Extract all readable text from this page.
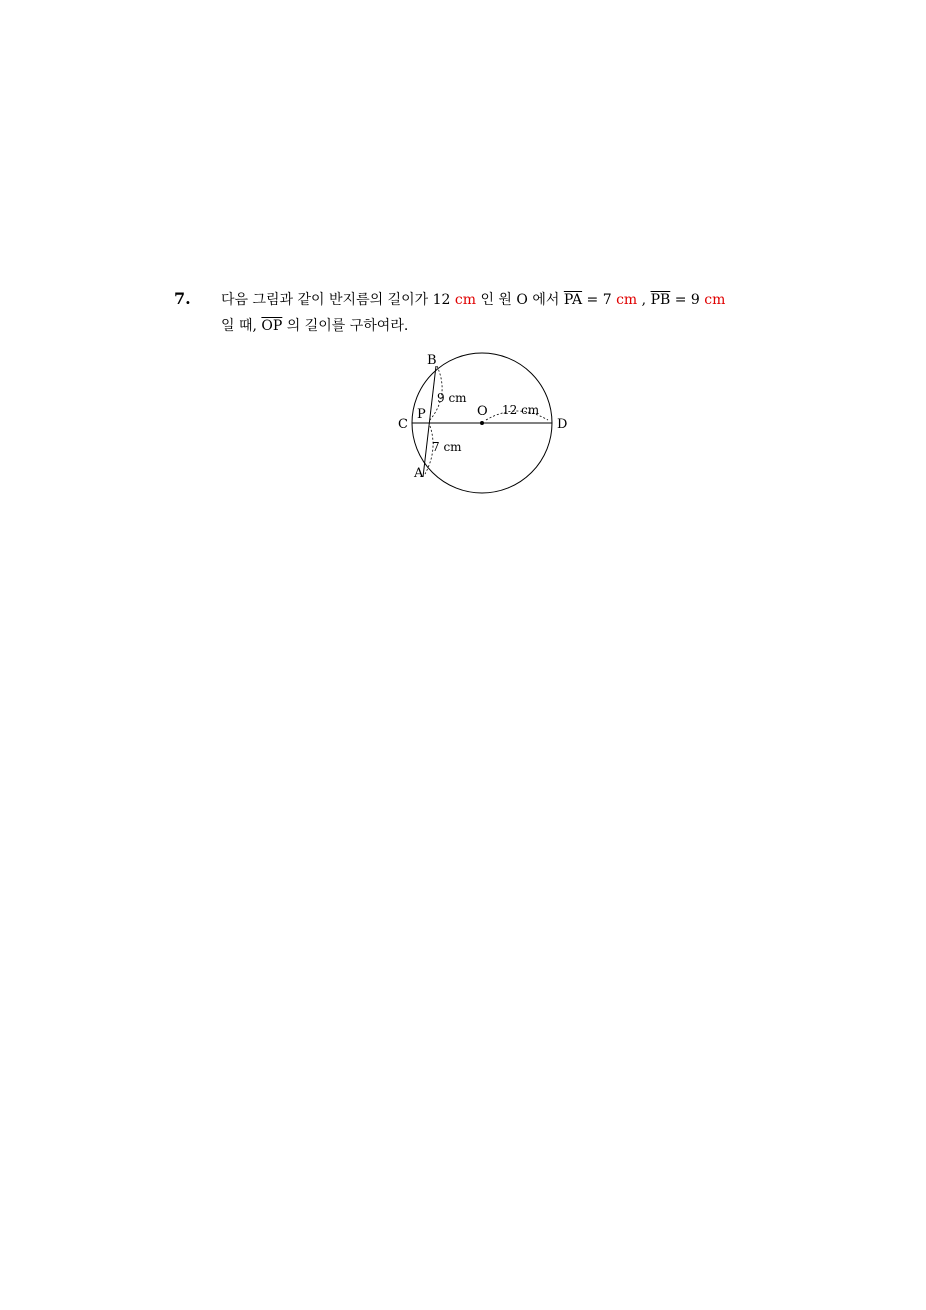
7. 다음 그림과 같이 반지름의 길이가 12 cm 인 원 O 에서 $\overline{PA} = 7$ cm , $\overline{PB} = 9$ cm
일 때, $\overline{OP}$ 의 길이를 구하여라.
B
C
P	O
D
A
9 cm
7 cm
12 cm
